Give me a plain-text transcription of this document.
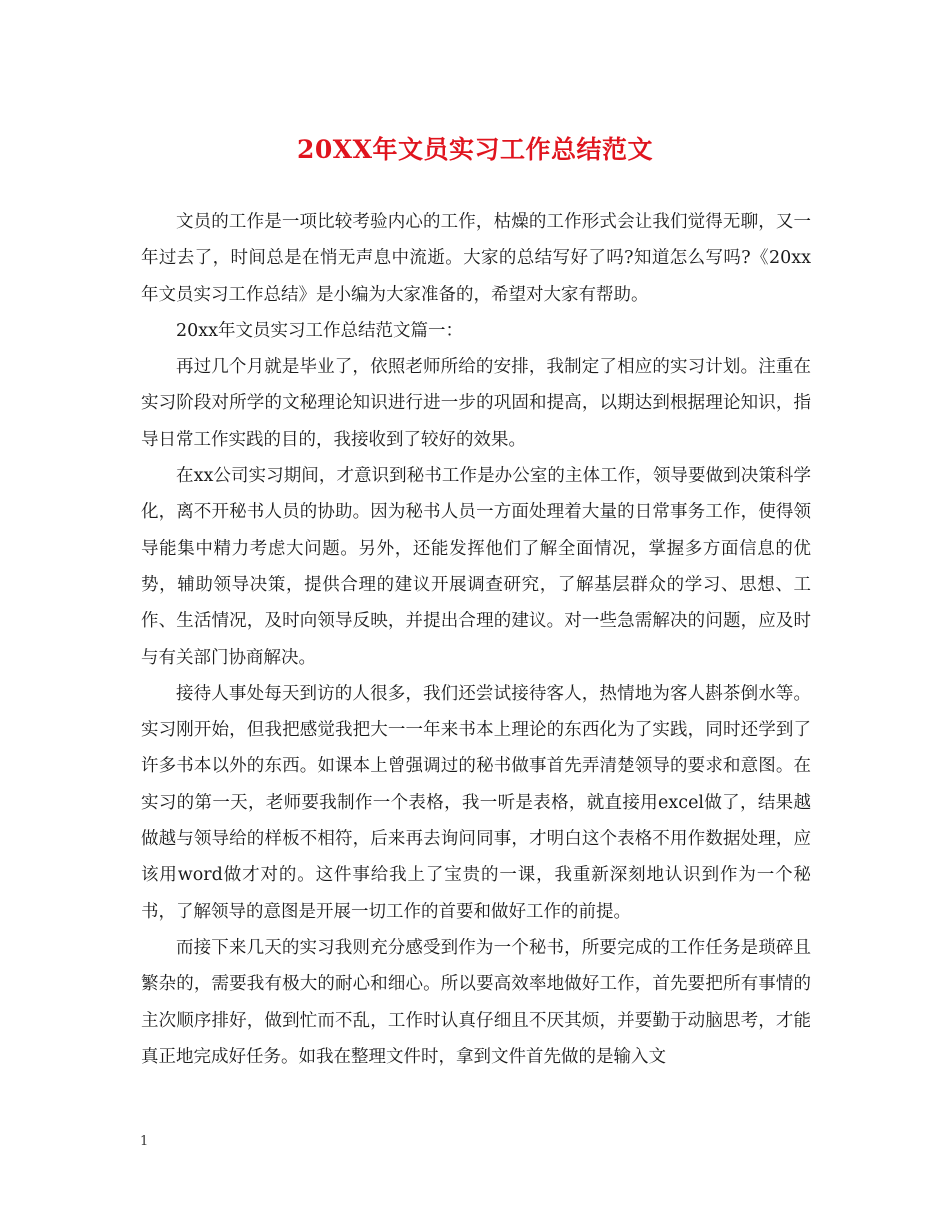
20XX年文员实习工作总结范文

文员的工作是一项比较考验内心的工作，枯燥的工作形式会让我们觉得无聊，又一年过去了，时间总是在悄无声息中流逝。大家的总结写好了吗?知道怎么写吗?《20xx年文员实习工作总结》是小编为大家准备的，希望对大家有帮助。

20xx年文员实习工作总结范文篇一：

再过几个月就是毕业了，依照老师所给的安排，我制定了相应的实习计划。注重在实习阶段对所学的文秘理论知识进行进一步的巩固和提高，以期达到根据理论知识，指导日常工作实践的目的，我接收到了较好的效果。

在xx公司实习期间，才意识到秘书工作是办公室的主体工作，领导要做到决策科学化，离不开秘书人员的协助。因为秘书人员一方面处理着大量的日常事务工作，使得领导能集中精力考虑大问题。另外，还能发挥他们了解全面情况，掌握多方面信息的优势，辅助领导决策，提供合理的建议开展调查研究，了解基层群众的学习、思想、工作、生活情况，及时向领导反映，并提出合理的建议。对一些急需解决的问题，应及时与有关部门协商解决。

接待人事处每天到访的人很多，我们还尝试接待客人，热情地为客人斟茶倒水等。实习刚开始，但我把感觉我把大一一年来书本上理论的东西化为了实践，同时还学到了许多书本以外的东西。如课本上曾强调过的秘书做事首先弄清楚领导的要求和意图。在实习的第一天，老师要我制作一个表格，我一听是表格，就直接用excel做了，结果越做越与领导给的样板不相符，后来再去询问同事，才明白这个表格不用作数据处理，应该用word做才对的。这件事给我上了宝贵的一课，我重新深刻地认识到作为一个秘书，了解领导的意图是开展一切工作的首要和做好工作的前提。

而接下来几天的实习我则充分感受到作为一个秘书，所要完成的工作任务是琐碎且繁杂的，需要我有极大的耐心和细心。所以要高效率地做好工作，首先要把所有事情的主次顺序排好，做到忙而不乱，工作时认真仔细且不厌其烦，并要勤于动脑思考，才能真正地完成好任务。如我在整理文件时，拿到文件首先做的是输入文

1
